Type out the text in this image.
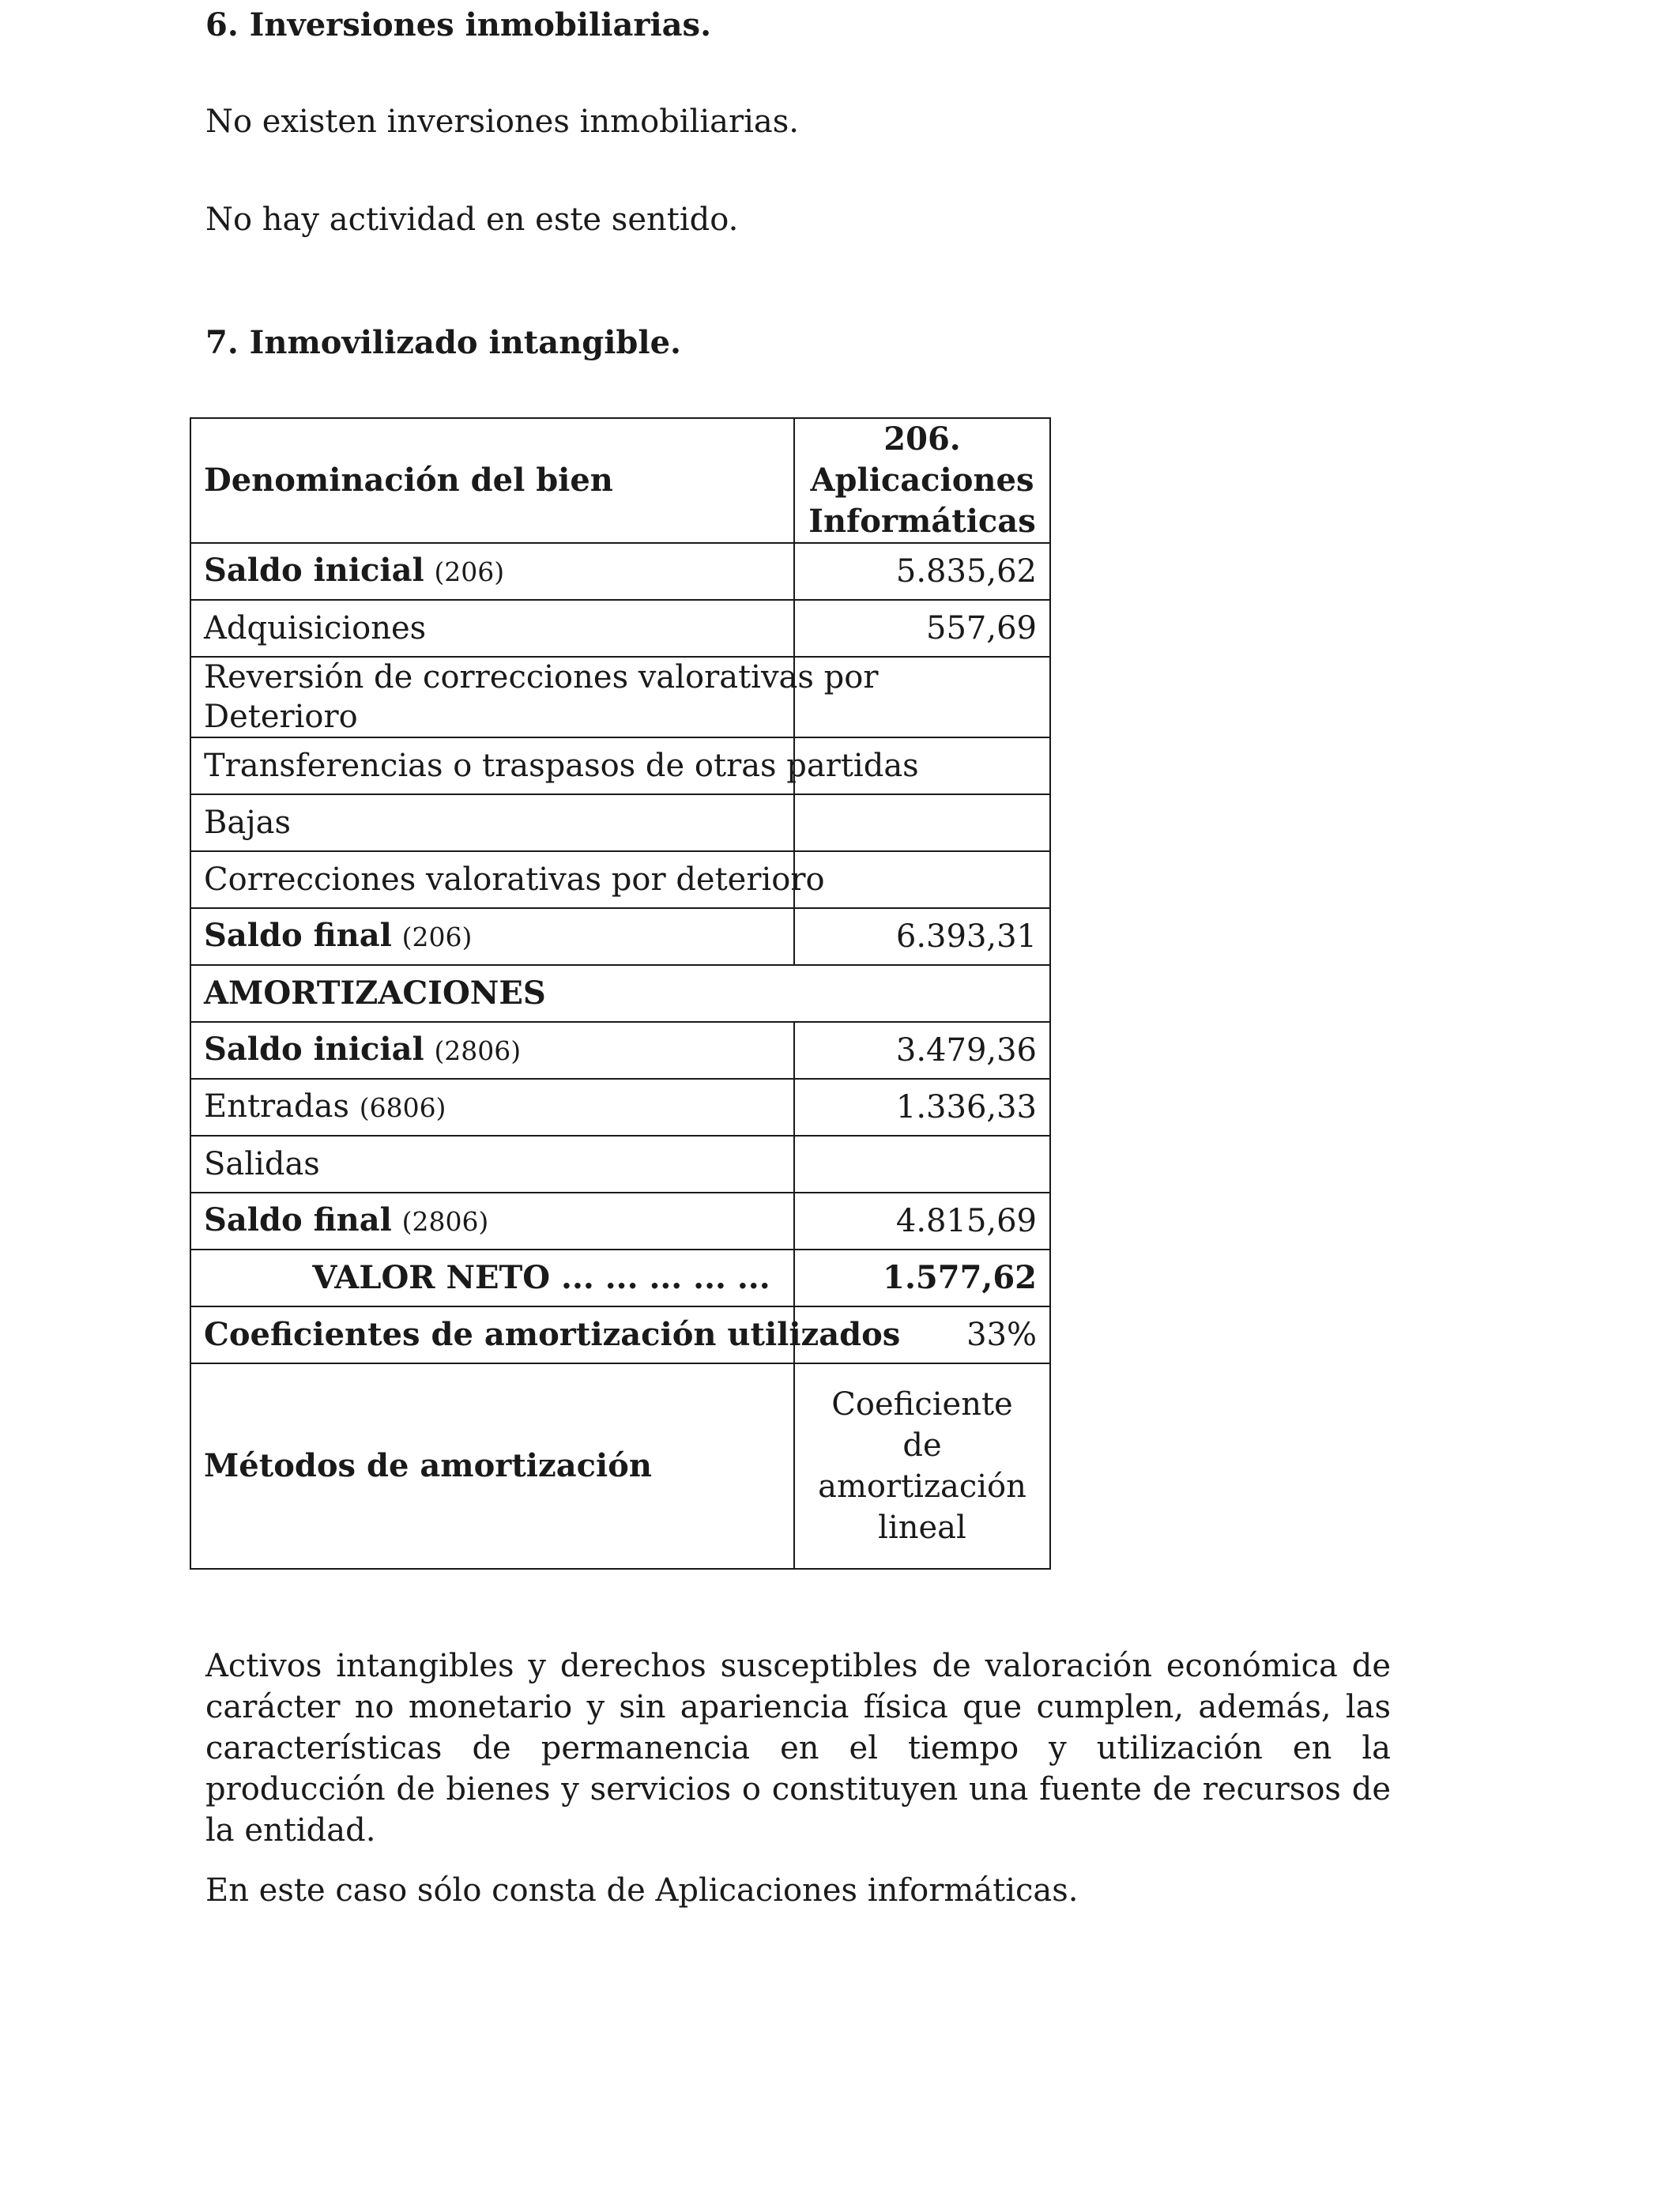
6. Inversiones inmobiliarias.

No existen inversiones inmobiliarias.

No hay actividad en este sentido.

7. Inmovilizado intangible.
Denominación del bien	206.
Aplicaciones
Informáticas

Saldo inicial (206)	5.835,62
Adquisiciones	557,69

Reversión de correcciones valorativas por
Deterioro	

Transferencias o traspasos de otras partidas	
Bajas	
Correcciones valorativas por deterioro	
Saldo final (206)	6.393,31
AMORTIZACIONES	
Saldo inicial (2806)	3.479,36
Entradas (6806)	1.336,33
Salidas	
Saldo final (2806)	4.815,69
VALOR NETO ... ... ... ... ...	1.577,62
Coeficientes de amortización utilizados	33%
Métodos de amortización	Coeficiente de
amortización
lineal

Activos intangibles y derechos susceptibles de valoración económica de carácter no monetario y sin apariencia física que cumplen, además, las características de permanencia en el tiempo y utilización en la producción de bienes y servicios o constituyen una fuente de recursos de la entidad.

En este caso sólo consta de Aplicaciones informáticas.
